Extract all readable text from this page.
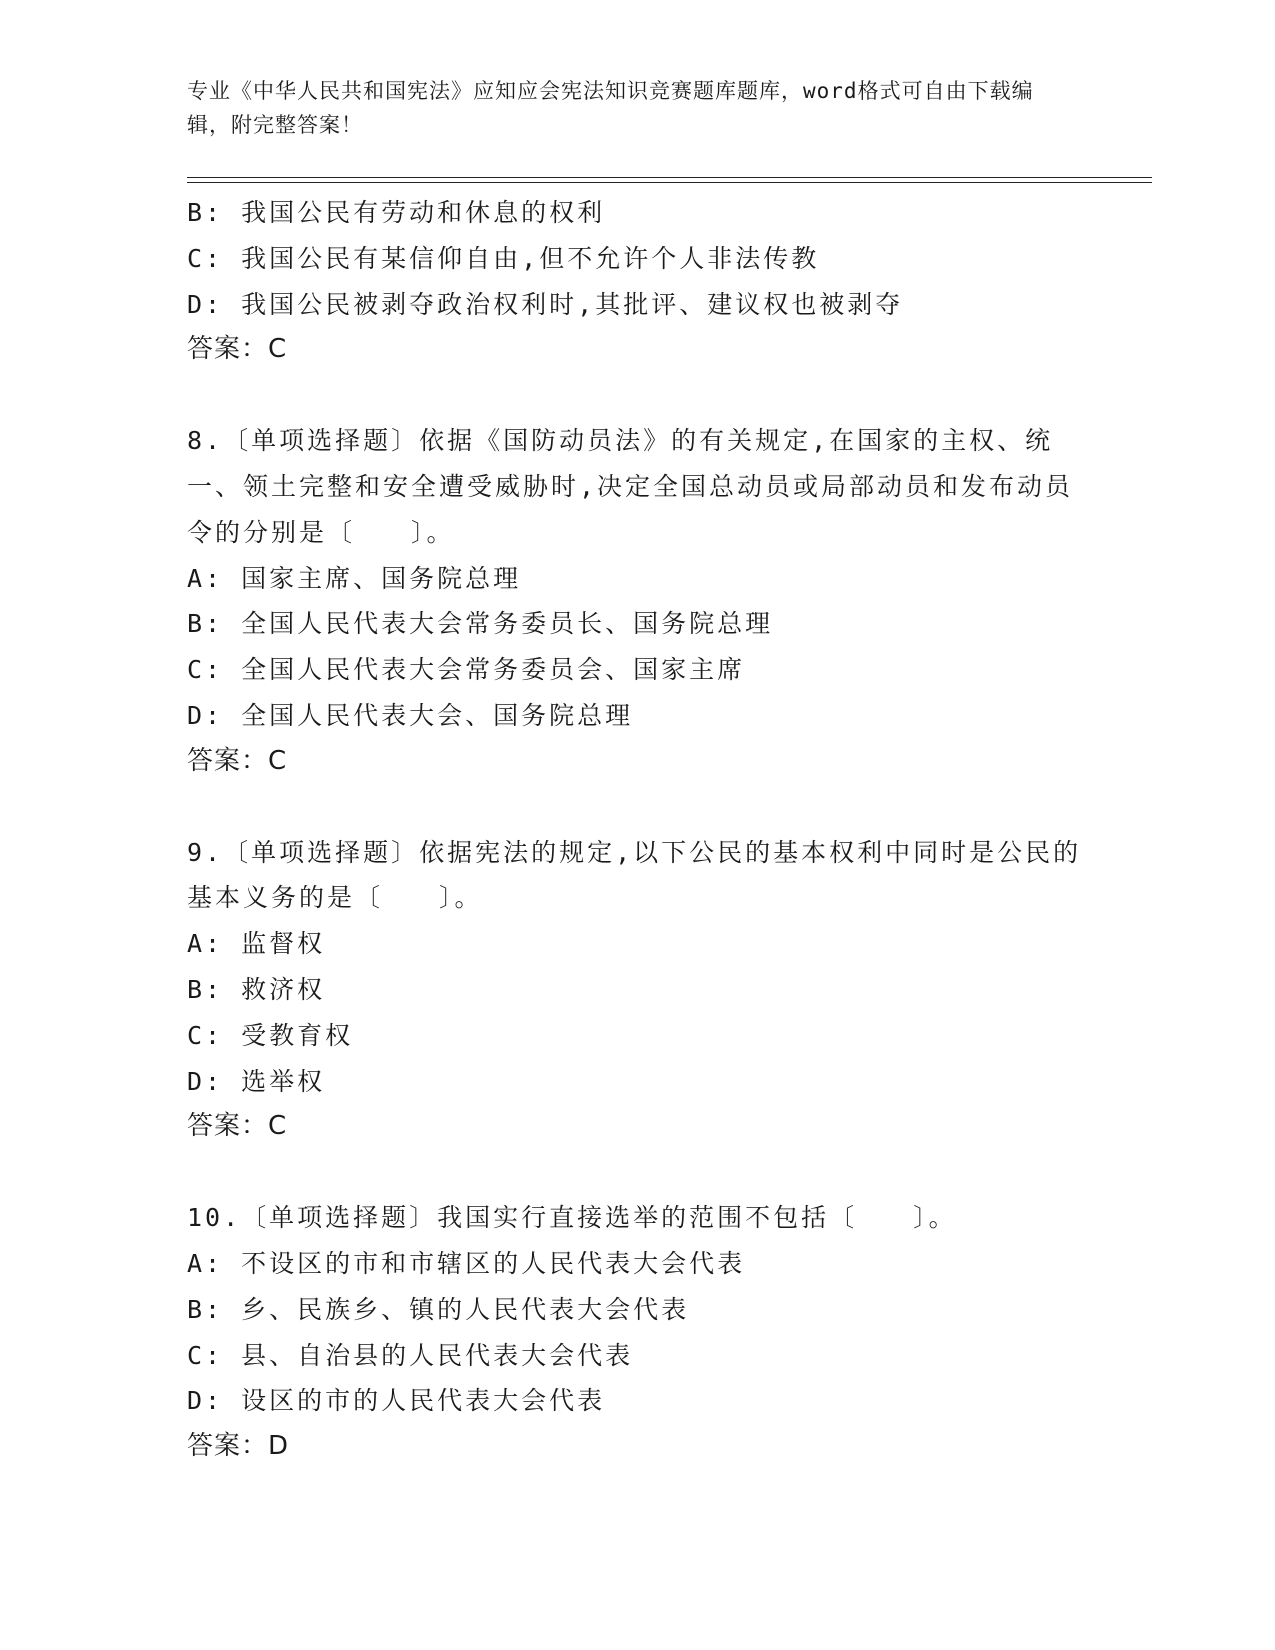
专业《中华人民共和国宪法》应知应会宪法知识竞赛题库题库，word格式可自由下载编辑，附完整答案！
B: 我国公民有劳动和休息的权利
C: 我国公民有某信仰自由,但不允许个人非法传教
D: 我国公民被剥夺政治权利时,其批评、建议权也被剥夺
答案：C
8.〔单项选择题〕依据《国防动员法》的有关规定,在国家的主权、统一、领土完整和安全遭受威胁时,决定全国总动员或局部动员和发布动员令的分别是〔　　〕。
A: 国家主席、国务院总理
B: 全国人民代表大会常务委员长、国务院总理
C: 全国人民代表大会常务委员会、国家主席
D: 全国人民代表大会、国务院总理
答案：C
9.〔单项选择题〕依据宪法的规定,以下公民的基本权利中同时是公民的基本义务的是〔　　〕。
A: 监督权
B: 救济权
C: 受教育权
D: 选举权
答案：C
10.〔单项选择题〕我国实行直接选举的范围不包括〔　　〕。
A: 不设区的市和市辖区的人民代表大会代表
B: 乡、民族乡、镇的人民代表大会代表
C: 县、自治县的人民代表大会代表
D: 设区的市的人民代表大会代表
答案：D
